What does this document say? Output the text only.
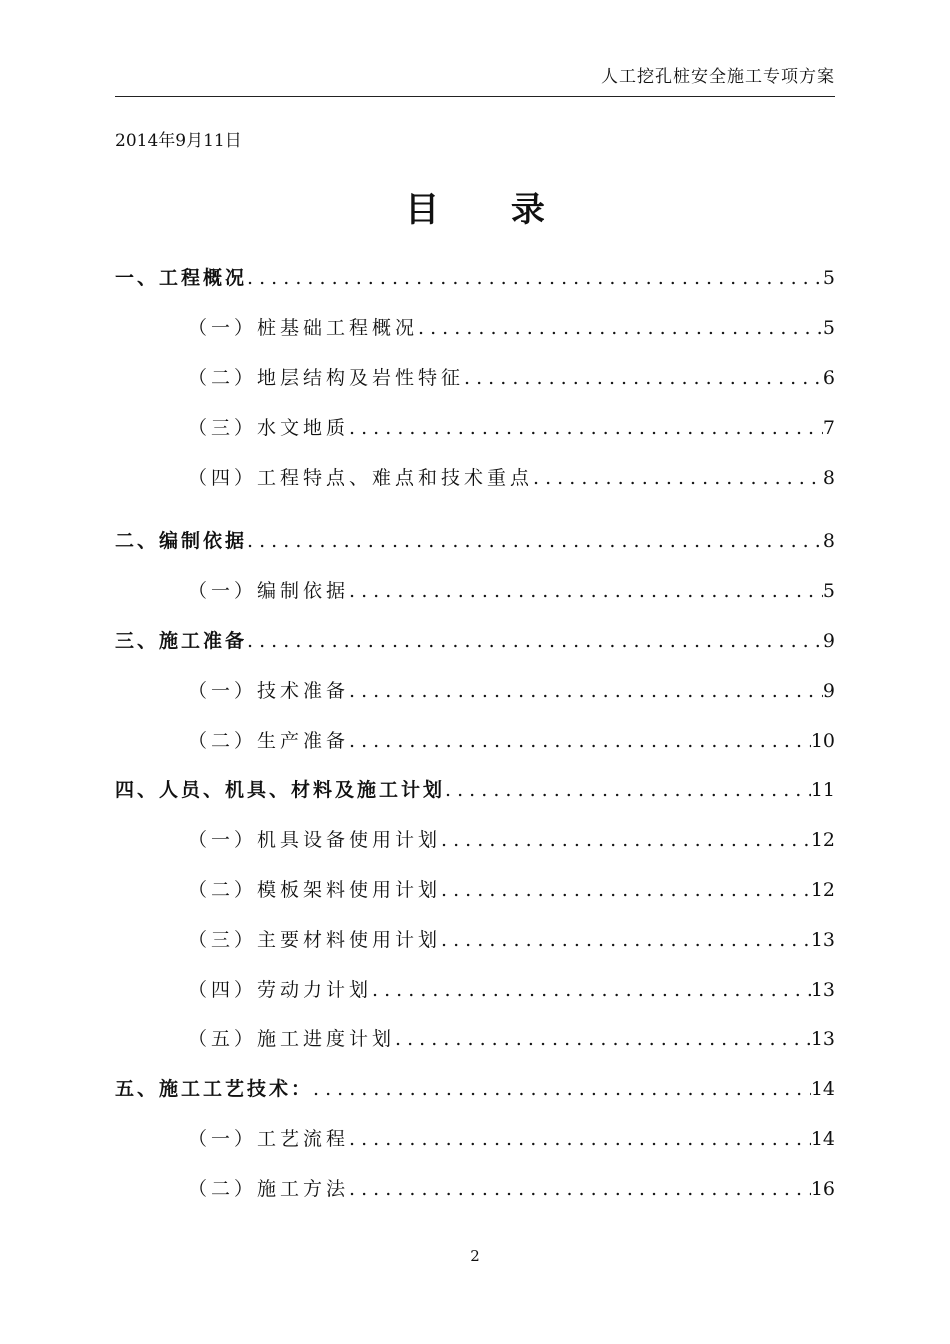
人工挖孔桩安全施工专项方案
2014年9月11日
目 录
一、工程概况 . . .	5
（一）桩基础工程概况 . . .	5
（二）地层结构及岩性特征 . . .	6
（三）水文地质 . . .	7
（四）工程特点、难点和技术重点 . . .	8
二、编制依据 . . .	8
（一）编制依据 . . .	5
三、施工准备 . . .	9
（一）技术准备 . . .	9
（二）生产准备 . . .	10
四、人员、机具、材料及施工计划 . . .	11
（一）机具设备使用计划 . . .	12
（二）模板架料使用计划 . . .	12
（三）主要材料使用计划 . . .	13
（四）劳动力计划 . . .	13
（五）施工进度计划 . . .	13
五、施工工艺技术： . . .	14
（一）工艺流程 . . .	14
（二）施工方法 . . .	16
2
